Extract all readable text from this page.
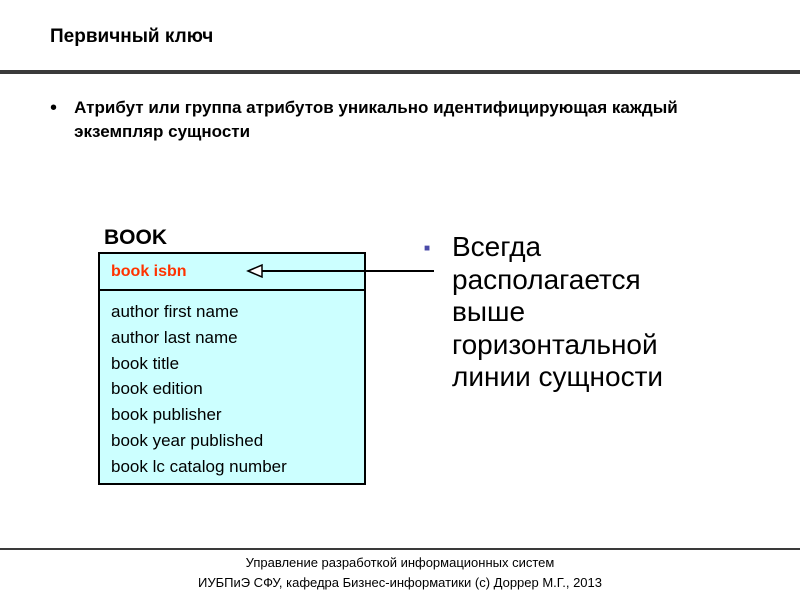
Первичный ключ
•	Атрибут или группа атрибутов уникально идентифицирующая каждый экземпляр сущности
BOOK
book isbn
author first name
author last name
book title
book edition
book publisher
book year published
book lc catalog number
■ Всегда располагается выше горизонтальной линии сущности
Управление разработкой информационных систем
ИУБПиЭ СФУ, кафедра Бизнес-информатики (с) Доррер М.Г., 2013
